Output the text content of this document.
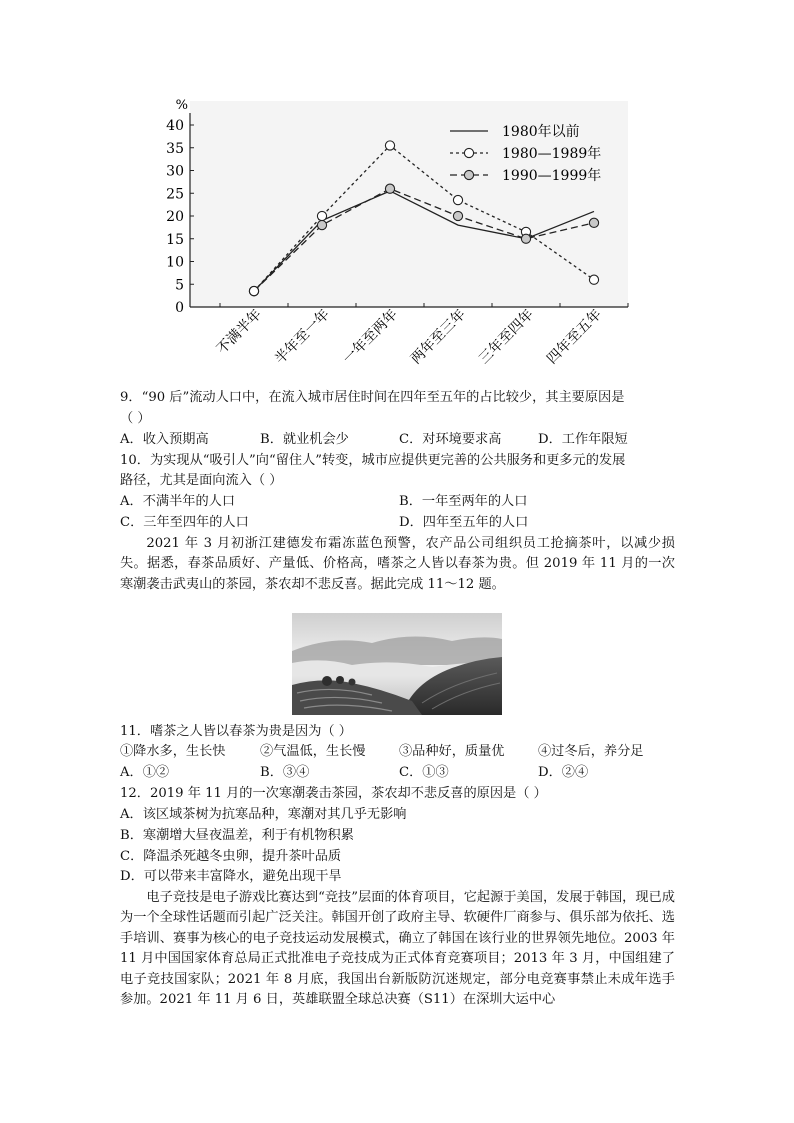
%
0
5
10
15
20
25
30
35
40
不满半年 半年至一年 一年至两年 两年至三年 三年至四年 四年至五年
1980年以前
1980—1989年
1990—1999年
9．“90 后”流动人口中，在流入城市居住时间在四年至五年的占比较少，其主要原因是
（ ）
A．收入预期高	B．就业机会少	C．对环境要求高	D．工作年限短
10．为实现从“吸引人”向“留住人”转变，城市应提供更完善的公共服务和更多元的发展
路径，尤其是面向流入（ ）
A．不满半年的人口	B．一年至两年的人口
C．三年至四年的人口	D．四年至五年的人口
2021 年 3 月初浙江建德发布霜冻蓝色预警，农产品公司组织员工抢摘茶叶，以减少损失。据悉，春茶品质好、产量低、价格高，嗜茶之人皆以春茶为贵。但 2019 年 11 月的一次寒潮袭击武夷山的茶园，茶农却不悲反喜。据此完成 11～12 题。
11．嗜茶之人皆以春茶为贵是因为（ ）
①降水多，生长快	②气温低，生长慢	③品种好，质量优	④过冬后，养分足
A．①②	B．③④	C．①③	D．②④
12．2019 年 11 月的一次寒潮袭击茶园，茶农却不悲反喜的原因是（ ）
A．该区域茶树为抗寒品种，寒潮对其几乎无影响
B．寒潮增大昼夜温差，利于有机物积累
C．降温杀死越冬虫卵，提升茶叶品质
D．可以带来丰富降水，避免出现干旱
电子竞技是电子游戏比赛达到“竞技”层面的体育项目，它起源于美国，发展于韩国，现已成为一个全球性话题而引起广泛关注。韩国开创了政府主导、软硬件厂商参与、俱乐部为依托、选手培训、赛事为核心的电子竞技运动发展模式，确立了韩国在该行业的世界领先地位。2003 年 11 月中国国家体育总局正式批准电子竞技成为正式体育竞赛项目；2013 年 3 月，中国组建了电子竞技国家队；2021 年 8 月底，我国出台新版防沉迷规定，部分电竞赛事禁止未成年选手参加。2021 年 11 月 6 日，英雄联盟全球总决赛（S11）在深圳大运中心
